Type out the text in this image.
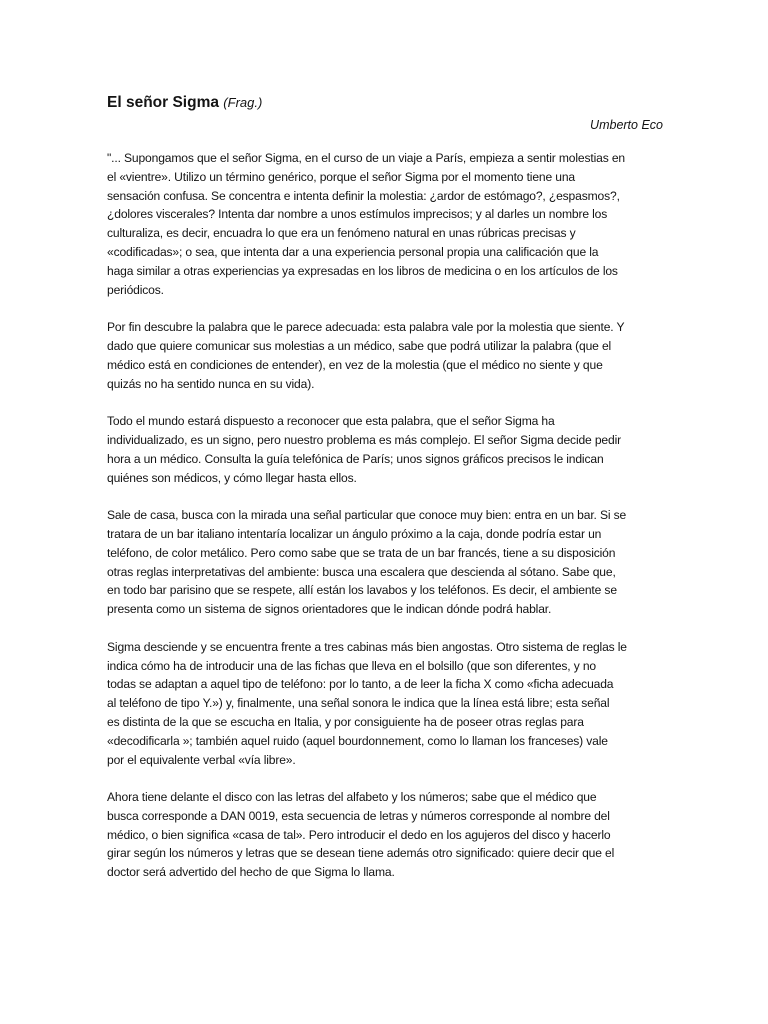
El señor Sigma (Frag.)

Umberto Eco

"... Supongamos que el señor Sigma, en el curso de un viaje a París, empieza a sentir molestias en
el «vientre». Utilizo un término genérico, porque el señor Sigma por el momento tiene una
sensación confusa. Se concentra e intenta definir la molestia: ¿ardor de estómago?, ¿espasmos?,
¿dolores viscerales? Intenta dar nombre a unos estímulos imprecisos; y al darles un nombre los
culturaliza, es decir, encuadra lo que era un fenómeno natural en unas rúbricas precisas y
«codificadas»; o sea, que intenta dar a una experiencia personal propia una calificación que la
haga similar a otras experiencias ya expresadas en los libros de medicina o en los artículos de los
periódicos.

Por fin descubre la palabra que le parece adecuada: esta palabra vale por la molestia que siente. Y
dado que quiere comunicar sus molestias a un médico, sabe que podrá utilizar la palabra (que el
médico está en condiciones de entender), en vez de la molestia (que el médico no siente y que
quizás no ha sentido nunca en su vida).

Todo el mundo estará dispuesto a reconocer que esta palabra, que el señor Sigma ha
individualizado, es un signo, pero nuestro problema es más complejo. El señor Sigma decide pedir
hora a un médico. Consulta la guía telefónica de París; unos signos gráficos precisos le indican
quiénes son médicos, y cómo llegar hasta ellos.

Sale de casa, busca con la mirada una señal particular que conoce muy bien: entra en un bar. Si se
tratara de un bar italiano intentaría localizar un ángulo próximo a la caja, donde podría estar un
teléfono, de color metálico. Pero como sabe que se trata de un bar francés, tiene a su disposición
otras reglas interpretativas del ambiente: busca una escalera que descienda al sótano. Sabe que,
en todo bar parisino que se respete, allí están los lavabos y los teléfonos. Es decir, el ambiente se
presenta como un sistema de signos orientadores que le indican dónde podrá hablar.

Sigma desciende y se encuentra frente a tres cabinas más bien angostas. Otro sistema de reglas le
indica cómo ha de introducir una de las fichas que lleva en el bolsillo (que son diferentes, y no
todas se adaptan a aquel tipo de teléfono: por lo tanto, a de leer la ficha X como «ficha adecuada
al teléfono de tipo Y.») y, finalmente, una señal sonora le indica que la línea está libre; esta señal
es distinta de la que se escucha en Italia, y por consiguiente ha de poseer otras reglas para
«decodificarla »; también aquel ruido (aquel bourdonnement, como lo llaman los franceses) vale
por el equivalente verbal «vía libre».

Ahora tiene delante el disco con las letras del alfabeto y los números; sabe que el médico que
busca corresponde a DAN 0019, esta secuencia de letras y números corresponde al nombre del
médico, o bien significa «casa de tal». Pero introducir el dedo en los agujeros del disco y hacerlo
girar según los números y letras que se desean tiene además otro significado: quiere decir que el
doctor será advertido del hecho de que Sigma lo llama.
